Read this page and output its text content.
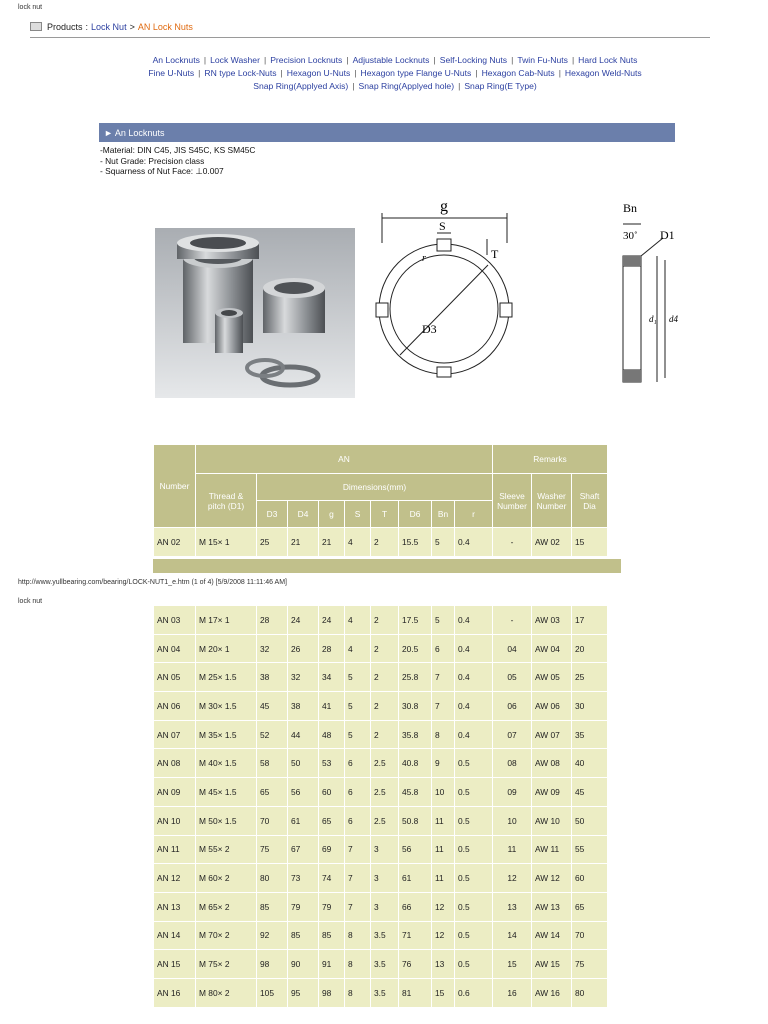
lock nut
Products : Lock Nut > AN Lock Nuts
An Locknuts | Lock Washer | Precision Locknuts | Adjustable Locknuts | Self-Locking Nuts | Twin Fu-Nuts | Hard Lock Nuts
Fine U-Nuts | RN type Lock-Nuts | Hexagon U-Nuts | Hexagon type Flange U-Nuts | Hexagon Cab-Nuts | Hexagon Weld-Nuts
Snap Ring(Applyed Axis) | Snap Ring(Applyed hole) | Snap Ring(E Type)
► An Locknuts
-Material: DIN C45, JIS S45C, KS SM45C
- Nut Grade: Precision class
- Squarness of Nut Face: ⊥0.007
g
S
T
r
D3
Bn
30˚ D1
d₁ d4
Number	AN									Remarks		
	Thread & pitch (D1)	Dimensions(mm)								Sleeve Number	Washer Number	Shaft Dia
		D3	D4	g	S	T	D6	Bn	r			
AN 02	M 15× 1	25	21	21	4	2	15.5	5	0.4	-	AW 02	15
http://www.yullbearing.com/bearing/LOCK-NUT1_e.htm (1 of 4) [5/9/2008 11:11:46 AM]
lock nut
AN 03	M 17× 1	28	24	24	4	2	17.5	5	0.4	-	AW 03	17
AN 04	M 20× 1	32	26	28	4	2	20.5	6	0.4	04	AW 04	20
AN 05	M 25× 1.5	38	32	34	5	2	25.8	7	0.4	05	AW 05	25
AN 06	M 30× 1.5	45	38	41	5	2	30.8	7	0.4	06	AW 06	30
AN 07	M 35× 1.5	52	44	48	5	2	35.8	8	0.4	07	AW 07	35
AN 08	M 40× 1.5	58	50	53	6	2.5	40.8	9	0.5	08	AW 08	40
AN 09	M 45× 1.5	65	56	60	6	2.5	45.8	10	0.5	09	AW 09	45
AN 10	M 50× 1.5	70	61	65	6	2.5	50.8	11	0.5	10	AW 10	50
AN 11	M 55× 2	75	67	69	7	3	56	11	0.5	11	AW 11	55
AN 12	M 60× 2	80	73	74	7	3	61	11	0.5	12	AW 12	60
AN 13	M 65× 2	85	79	79	7	3	66	12	0.5	13	AW 13	65
AN 14	M 70× 2	92	85	85	8	3.5	71	12	0.5	14	AW 14	70
AN 15	M 75× 2	98	90	91	8	3.5	76	13	0.5	15	AW 15	75
AN 16	M 80× 2	105	95	98	8	3.5	81	15	0.6	16	AW 16	80
